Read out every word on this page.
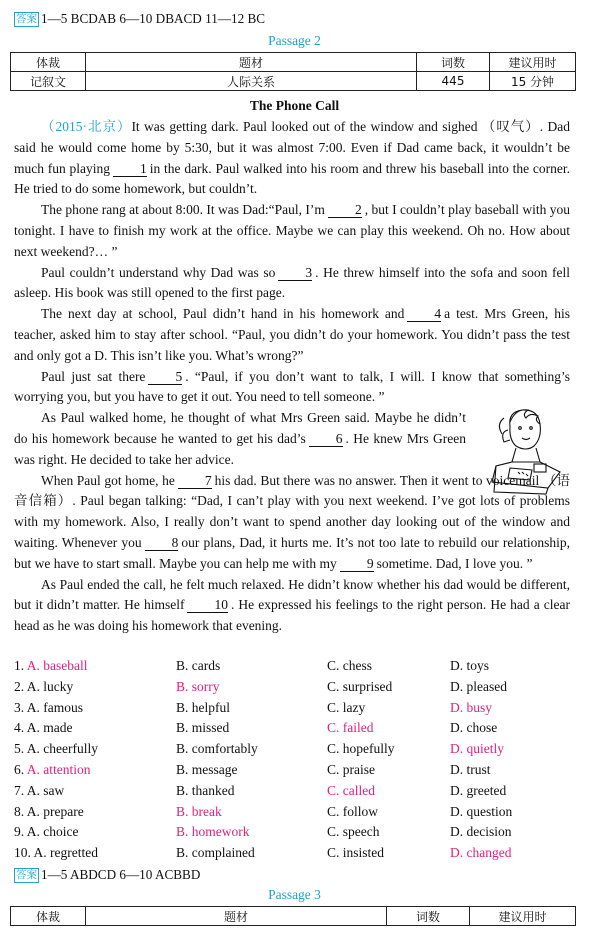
答案 1—5 BCDAB 6—10 DBACD 11—12 BC
Passage 2
体裁	题材	词数	建议用时
记叙文	人际关系	445	15 分钟
The Phone Call

（2015·北京）It was getting dark. Paul looked out of the window and sighed （叹气）. Dad said he would come home by 5:30, but it was almost 7:00. Even if Dad came back, it wouldn’t be much fun playing 1 in the dark. Paul walked into his room and threw his baseball into the corner. He tried to do some homework, but couldn’t.

The phone rang at about 8:00. It was Dad:“Paul, I’m 2 , but I couldn’t play baseball with you tonight. I have to finish my work at the office. Maybe we can play this weekend. Oh no. How about next weekend?… ”

Paul couldn’t understand why Dad was so 3 . He threw himself into the sofa and soon fell asleep. His book was still opened to the first page.

The next day at school, Paul didn’t hand in his homework and 4 a test. Mrs Green, his teacher, asked him to stay after school. “Paul, you didn’t do your homework. You didn’t pass the test and only got a D. This isn’t like you. What’s wrong?”

Paul just sat there 5 . “Paul, if you don’t want to talk, I will. I know that something’s worrying you, but you have to get it out. You need to tell someone. ”

As Paul walked home, he thought of what Mrs Green said. Maybe he didn’t do his homework because he wanted to get his dad’s 6 . He knew Mrs Green was right. He decided to take her advice.

When Paul got home, he 7 his dad. But there was no answer. Then it went to voicemail （语音信箱）. Paul began talking: “Dad, I can’t play with you next weekend. I’ve got lots of problems with my homework. Also, I really don’t want to spend another day looking out of the window and waiting. Whenever you 8 our plans, Dad, it hurts me. It’s not too late to rebuild our relationship, but we have to start small. Maybe you can help me with my 9 sometime. Dad, I love you. ”

As Paul ended the call, he felt much relaxed. He didn’t know whether his dad would be different, but it didn’t matter. He himself 10 . He expressed his feelings to the right person. He had a clear head as he was doing his homework that evening.

1. A. baseball	B. cards	C. chess	D. toys
2. A. lucky	B. sorry	C. surprised	D. pleased
3. A. famous	B. helpful	C. lazy	D. busy
4. A. made	B. missed	C. failed	D. chose
5. A. cheerfully	B. comfortably	C. hopefully	D. quietly
6. A. attention	B. message	C. praise	D. trust
7. A. saw	B. thanked	C. called	D. greeted
8. A. prepare	B. break	C. follow	D. question
9. A. choice	B. homework	C. speech	D. decision
10. A. regretted	B. complained	C. insisted	D. changed
答案 1—5 ABDCD 6—10 ACBBD
Passage 3
体裁	题材	词数	建议用时
